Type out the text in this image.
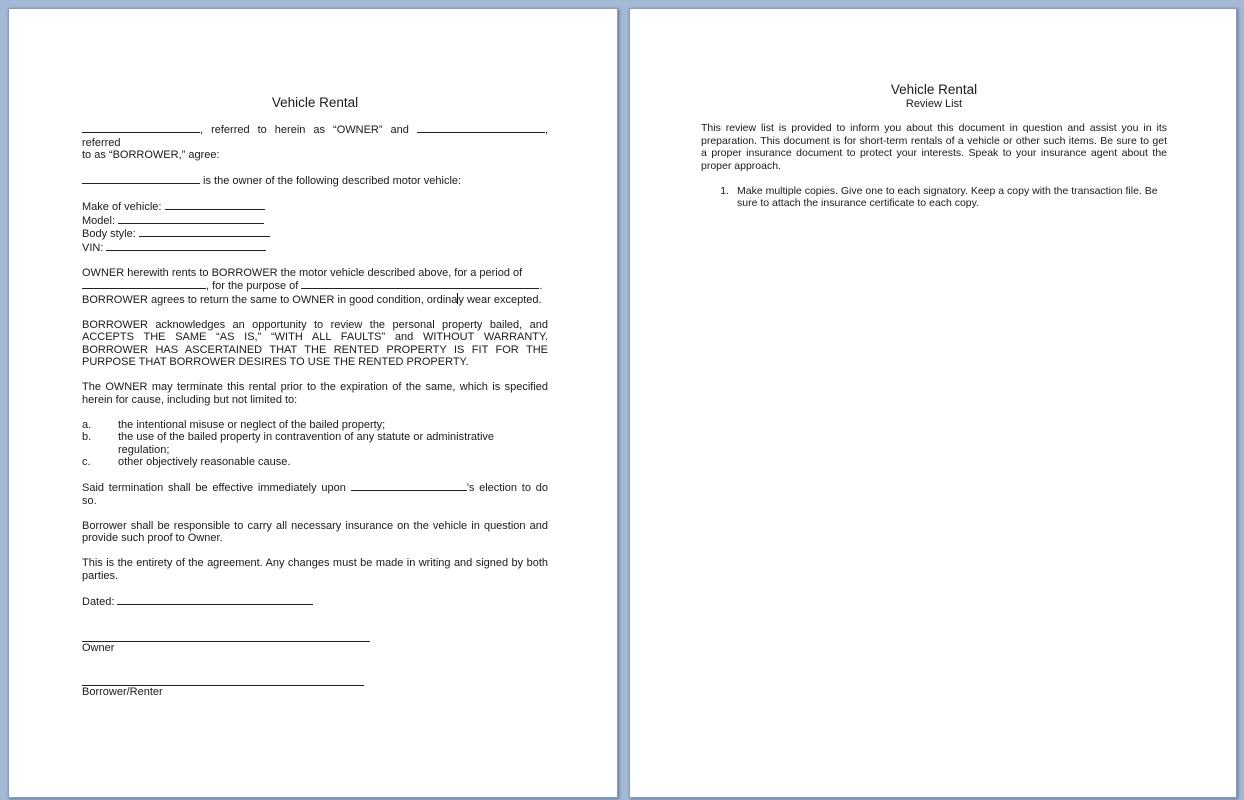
Vehicle Rental

, referred to herein as “OWNER” and	, referred
to as “BORROWER,” agree:

is the owner of the following described motor vehicle:

Make of vehicle:
Model:
Body style:
VIN:

OWNER herewith rents to BORROWER the motor vehicle described above, for a period of
, for the purpose of	.
BORROWER agrees to return the same to OWNER in good condition, ordinay wear excepted.

BORROWER acknowledges an opportunity to review the personal property bailed, and ACCEPTS THE SAME “AS IS,” “WITH ALL FAULTS” and WITHOUT WARRANTY. BORROWER HAS ASCERTAINED THAT THE RENTED PROPERTY IS FIT FOR THE PURPOSE THAT BORROWER DESIRES TO USE THE RENTED PROPERTY.

The OWNER may terminate this rental prior to the expiration of the same, which is specified herein for cause, including but not limited to:

a.	the intentional misuse or neglect of the bailed property;
b.	the use of the bailed property in contravention of any statute or administrative regulation;
c.	other objectively reasonable cause.

Said termination shall be effective immediately upon	’s election to do so.

Borrower shall be responsible to carry all necessary insurance on the vehicle in question and provide such proof to Owner.

This is the entirety of the agreement. Any changes must be made in writing and signed by both parties.

Dated:
Owner
Borrower/Renter
Vehicle Rental
Review List

This review list is provided to inform you about this document in question and assist you in its preparation. This document is for short-term rentals of a vehicle or other such items. Be sure to get a proper insurance document to protect your interests. Speak to your insurance agent about the proper approach.

1. Make multiple copies. Give one to each signatory. Keep a copy with the transaction file. Be sure to attach the insurance certificate to each copy.
